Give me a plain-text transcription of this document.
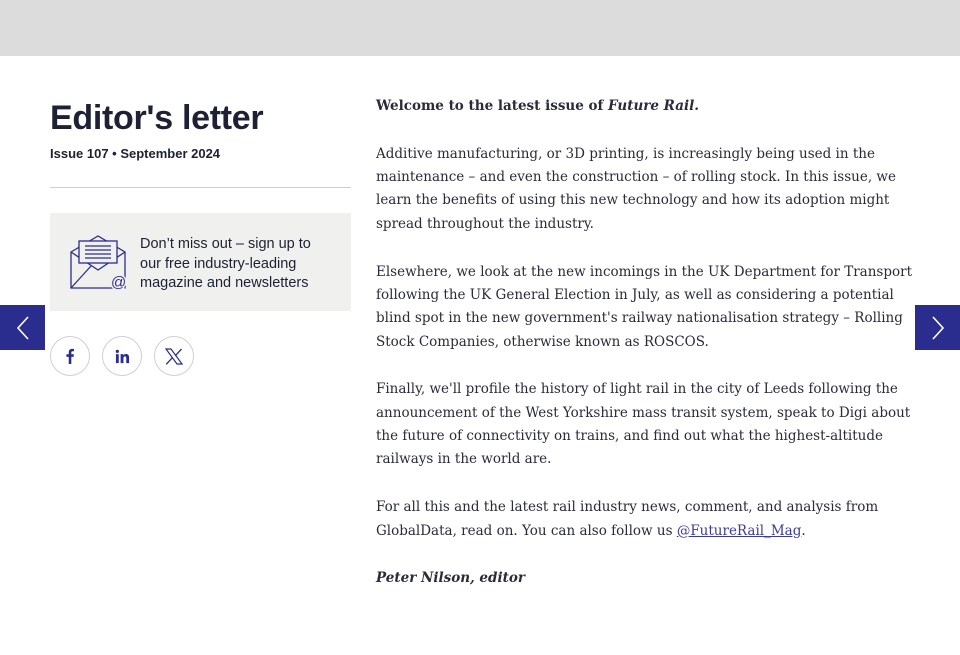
Editor's letter
Issue 107 • September 2024
@
Don’t miss out – sign up to our free industry-leading magazine and newsletters

Welcome to the latest issue of Future Rail.

Additive manufacturing, or 3D printing, is increasingly being used in the maintenance – and even the construction – of rolling stock. In this issue, we learn the benefits of using this new technology and how its adoption might spread throughout the industry.

Elsewhere, we look at the new incomings in the UK Department for Transport following the UK General Election in July, as well as considering a potential blind spot in the new government's railway nationalisation strategy – Rolling Stock Companies, otherwise known as ROSCOS.

Finally, we'll profile the history of light rail in the city of Leeds following the announcement of the West Yorkshire mass transit system, speak to Digi about the future of connectivity on trains, and find out what the highest-altitude railways in the world are.

For all this and the latest rail industry news, comment, and analysis from GlobalData, read on. You can also follow us @FutureRail_Mag.

Peter Nilson, editor
